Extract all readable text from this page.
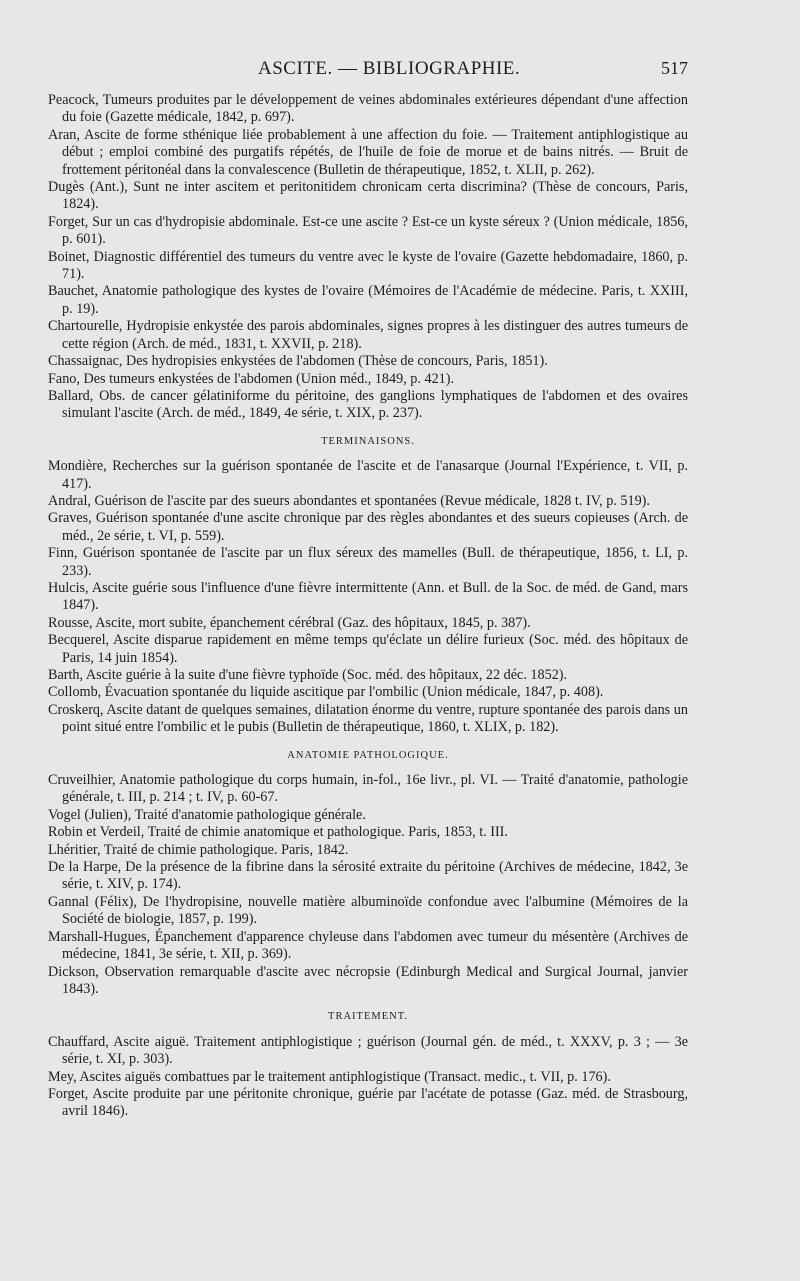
ASCITE. — BIBLIOGRAPHIE.	517

Peacock, Tumeurs produites par le développement de veines abdominales extérieures dépendant d'une affection du foie (Gazette médicale, 1842, p. 697).

Aran, Ascite de forme sthénique liée probablement à une affection du foie. — Traitement antiphlogistique au début ; emploi combiné des purgatifs répétés, de l'huile de foie de morue et de bains nitrés. — Bruit de frottement péritonéal dans la convalescence (Bulletin de thérapeutique, 1852, t. XLII, p. 262).

Dugès (Ant.), Sunt ne inter ascitem et peritonitidem chronicam certa discrimina? (Thèse de concours, Paris, 1824).

Forget, Sur un cas d'hydropisie abdominale. Est-ce une ascite ? Est-ce un kyste séreux ? (Union médicale, 1856, p. 601).

Boinet, Diagnostic différentiel des tumeurs du ventre avec le kyste de l'ovaire (Gazette hebdomadaire, 1860, p. 71).

Bauchet, Anatomie pathologique des kystes de l'ovaire (Mémoires de l'Académie de médecine. Paris, t. XXIII, p. 19).

Chartourelle, Hydropisie enkystée des parois abdominales, signes propres à les distinguer des autres tumeurs de cette région (Arch. de méd., 1831, t. XXVII, p. 218).

Chassaignac, Des hydropisies enkystées de l'abdomen (Thèse de concours, Paris, 1851).

Fano, Des tumeurs enkystées de l'abdomen (Union méd., 1849, p. 421).

Ballard, Obs. de cancer gélatiniforme du péritoine, des ganglions lymphatiques de l'abdomen et des ovaires simulant l'ascite (Arch. de méd., 1849, 4e série, t. XIX, p. 237).

TERMINAISONS.

Mondière, Recherches sur la guérison spontanée de l'ascite et de l'anasarque (Journal l'Expérience, t. VII, p. 417).

Andral, Guérison de l'ascite par des sueurs abondantes et spontanées (Revue médicale, 1828 t. IV, p. 519).

Graves, Guérison spontanée d'une ascite chronique par des règles abondantes et des sueurs copieuses (Arch. de méd., 2e série, t. VI, p. 559).

Finn, Guérison spontanée de l'ascite par un flux séreux des mamelles (Bull. de thérapeutique, 1856, t. LI, p. 233).

Hulcis, Ascite guérie sous l'influence d'une fièvre intermittente (Ann. et Bull. de la Soc. de méd. de Gand, mars 1847).

Rousse, Ascite, mort subite, épanchement cérébral (Gaz. des hôpitaux, 1845, p. 387).

Becquerel, Ascite disparue rapidement en même temps qu'éclate un délire furieux (Soc. méd. des hôpitaux de Paris, 14 juin 1854).

Barth, Ascite guérie à la suite d'une fièvre typhoïde (Soc. méd. des hôpitaux, 22 déc. 1852).

Collomb, Évacuation spontanée du liquide ascitique par l'ombilic (Union médicale, 1847, p. 408).

Croskerq, Ascite datant de quelques semaines, dilatation énorme du ventre, rupture spontanée des parois dans un point situé entre l'ombilic et le pubis (Bulletin de thérapeutique, 1860, t. XLIX, p. 182).

ANATOMIE PATHOLOGIQUE.

Cruveilhier, Anatomie pathologique du corps humain, in-fol., 16e livr., pl. VI. — Traité d'anatomie, pathologie générale, t. III, p. 214 ; t. IV, p. 60-67.

Vogel (Julien), Traité d'anatomie pathologique générale.

Robin et Verdeil, Traité de chimie anatomique et pathologique. Paris, 1853, t. III.

Lhéritier, Traité de chimie pathologique. Paris, 1842.

De la Harpe, De la présence de la fibrine dans la sérosité extraite du péritoine (Archives de médecine, 1842, 3e série, t. XIV, p. 174).

Gannal (Félix), De l'hydropisine, nouvelle matière albuminoïde confondue avec l'albumine (Mémoires de la Société de biologie, 1857, p. 199).

Marshall-Hugues, Épanchement d'apparence chyleuse dans l'abdomen avec tumeur du mésentère (Archives de médecine, 1841, 3e série, t. XII, p. 369).

Dickson, Observation remarquable d'ascite avec nécropsie (Edinburgh Medical and Surgical Journal, janvier 1843).

TRAITEMENT.

Chauffard, Ascite aiguë. Traitement antiphlogistique ; guérison (Journal gén. de méd., t. XXXV, p. 3 ; — 3e série, t. XI, p. 303).

Mey, Ascites aiguës combattues par le traitement antiphlogistique (Transact. medic., t. VII, p. 176).

Forget, Ascite produite par une péritonite chronique, guérie par l'acétate de potasse (Gaz. méd. de Strasbourg, avril 1846).
